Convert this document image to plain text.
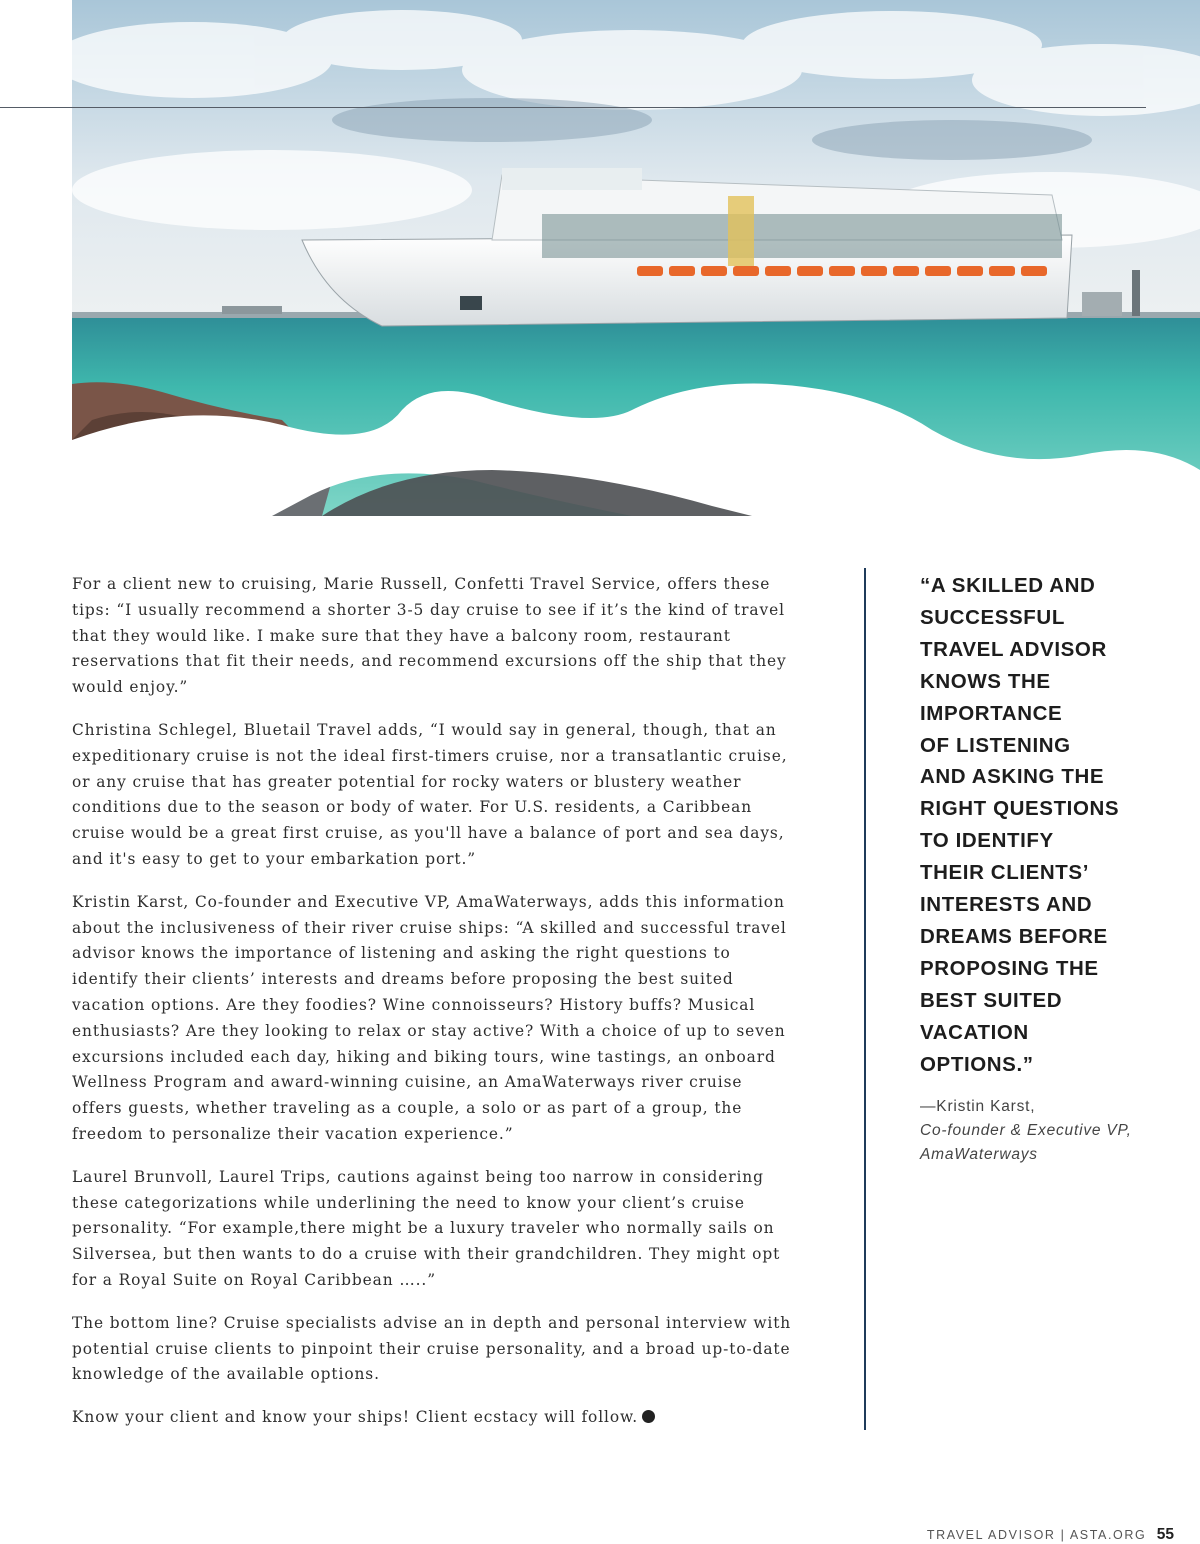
For a client new to cruising, Marie Russell, Confetti Travel Service, offers these tips: “I usually recommend a shorter 3-5 day cruise to see if it’s the kind of travel that they would like. I make sure that they have a balcony room, restaurant reservations that fit their needs, and recommend excursions off the ship that they would enjoy.”

Christina Schlegel, Bluetail Travel adds, “I would say in general, though, that an expeditionary cruise is not the ideal first-timers cruise, nor a transatlantic cruise, or any cruise that has greater potential for rocky waters or blustery weather conditions due to the season or body of water. For U.S. residents, a Caribbean cruise would be a great first cruise, as you'll have a balance of port and sea days, and it's easy to get to your embarkation port.”

Kristin Karst, Co-founder and Executive VP, AmaWaterways, adds this information about the inclusiveness of their river cruise ships: “A skilled and successful travel advisor knows the importance of listening and asking the right questions to identify their clients’ interests and dreams before proposing the best suited vacation options. Are they foodies? Wine connoisseurs? History buffs? Musical enthusiasts? Are they looking to relax or stay active? With a choice of up to seven excursions included each day, hiking and biking tours, wine tastings, an onboard Wellness Program and award-winning cuisine, an AmaWaterways river cruise offers guests, whether traveling as a couple, a solo or as part of a group, the freedom to personalize their vacation experience.”

Laurel Brunvoll, Laurel Trips, cautions against being too narrow in considering these categorizations while underlining the need to know your client’s cruise personality. “For example,there might be a luxury traveler who normally sails on Silversea, but then wants to do a cruise with their grandchildren. They might opt for a Royal Suite on Royal Caribbean …..”

The bottom line? Cruise specialists advise an in depth and personal interview with potential cruise clients to pinpoint their cruise personality, and a broad up-to-date knowledge of the available options.

Know your client and know your ships! Client ecstacy will follow.

“A SKILLED AND
SUCCESSFUL
TRAVEL ADVISOR
KNOWS THE
IMPORTANCE
OF LISTENING
AND ASKING THE
RIGHT QUESTIONS
TO IDENTIFY
THEIR CLIENTS’
INTERESTS AND
DREAMS BEFORE
PROPOSING THE
BEST SUITED
VACATION
OPTIONS.”

—Kristin Karst,
Co-founder & Executive VP, AmaWaterways
TRAVEL ADVISOR | ASTA.ORG 55
